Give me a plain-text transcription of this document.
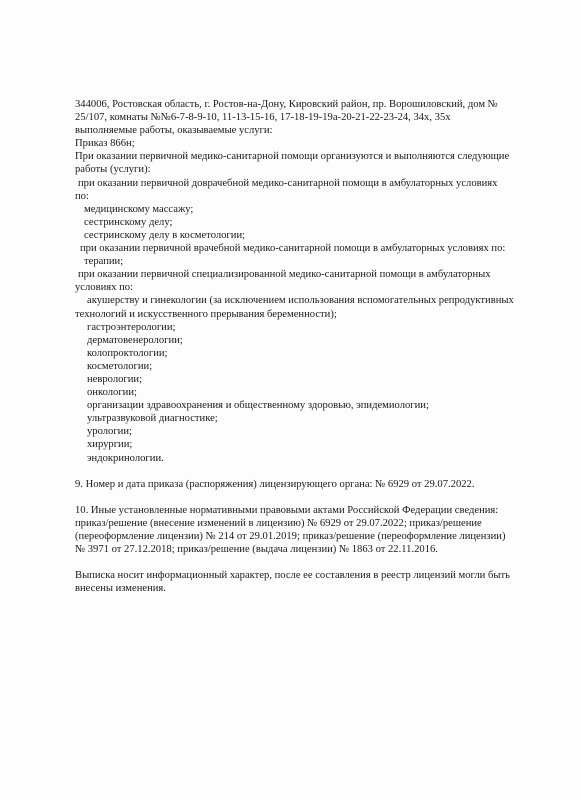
344006, Ростовская область, г. Ростов-на-Дону, Кировский район, пр. Ворошиловский, дом №
25/107, комнаты №№6-7-8-9-10, 11-13-15-16, 17-18-19-19а-20-21-22-23-24, 34х, 35х
выполняемые работы, оказываемые услуги:
Приказ 866н;
При оказании первичной медико-санитарной помощи организуются и выполняются следующие
работы (услуги):
при оказании первичной доврачебной медико-санитарной помощи в амбулаторных условиях
по:
медицинскому массажу;
сестринскому делу;
сестринскому делу в косметологии;
при оказании первичной врачебной медико-санитарной помощи в амбулаторных условиях по:
терапии;
при оказании первичной специализированной медико-санитарной помощи в амбулаторных
условиях по:
акушерству и гинекологии (за исключением использования вспомогательных репродуктивных
технологий и искусственного прерывания беременности);
гастроэнтерологии;
дерматовенерологии;
колопроктологии;
косметологии;
неврологии;
онкологии;
организации здравоохранения и общественному здоровью, эпидемиологии;
ультразвуковой диагностике;
урологии;
хирургии;
эндокринологии.
9. Номер и дата приказа (распоряжения) лицензирующего органа: № 6929 от 29.07.2022.
10. Иные установленные нормативными правовыми актами Российской Федерации сведения:
приказ/решение (внесение изменений в лицензию) № 6929 от 29.07.2022; приказ/решение
(переоформление лицензии) № 214 от 29.01.2019; приказ/решение (переоформление лицензии)
№ 3971 от 27.12.2018; приказ/решение (выдача лицензии) № 1863 от 22.11.2016.
Выписка носит информационный характер, после ее составления в реестр лицензий могли быть
внесены изменения.
